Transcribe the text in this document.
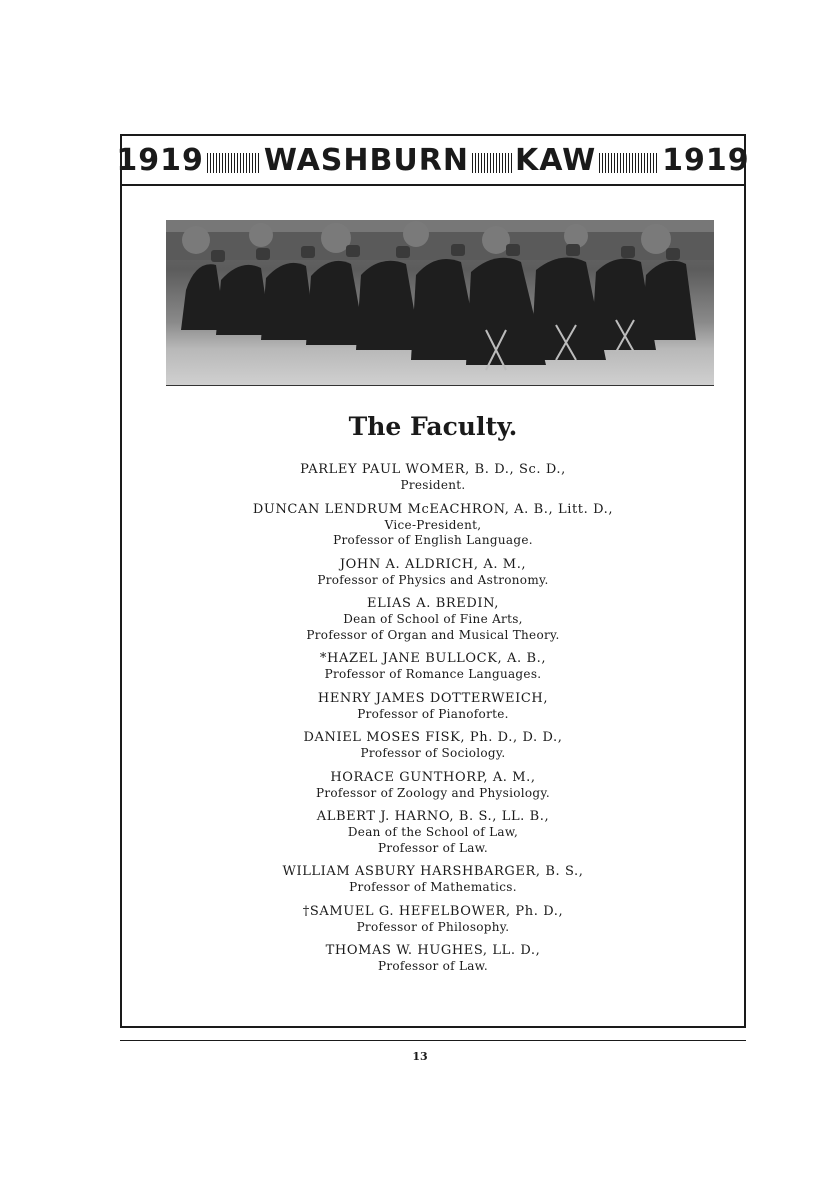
1919 WASHBURN KAW 1919
The Faculty.
PARLEY PAUL WOMER, B. D., Sc. D.,
President.
DUNCAN LENDRUM McEACHRON, A. B., Litt. D.,
Vice-President,
Professor of English Language.
JOHN A. ALDRICH, A. M.,
Professor of Physics and Astronomy.
ELIAS A. BREDIN,
Dean of School of Fine Arts,
Professor of Organ and Musical Theory.
*HAZEL JANE BULLOCK, A. B.,
Professor of Romance Languages.
HENRY JAMES DOTTERWEICH,
Professor of Pianoforte.
DANIEL MOSES FISK, Ph. D., D. D.,
Professor of Sociology.
HORACE GUNTHORP, A. M.,
Professor of Zoology and Physiology.
ALBERT J. HARNO, B. S., LL. B.,
Dean of the School of Law,
Professor of Law.
WILLIAM ASBURY HARSHBARGER, B. S.,
Professor of Mathematics.
†SAMUEL G. HEFELBOWER, Ph. D.,
Professor of Philosophy.
THOMAS W. HUGHES, LL. D.,
Professor of Law.
13
